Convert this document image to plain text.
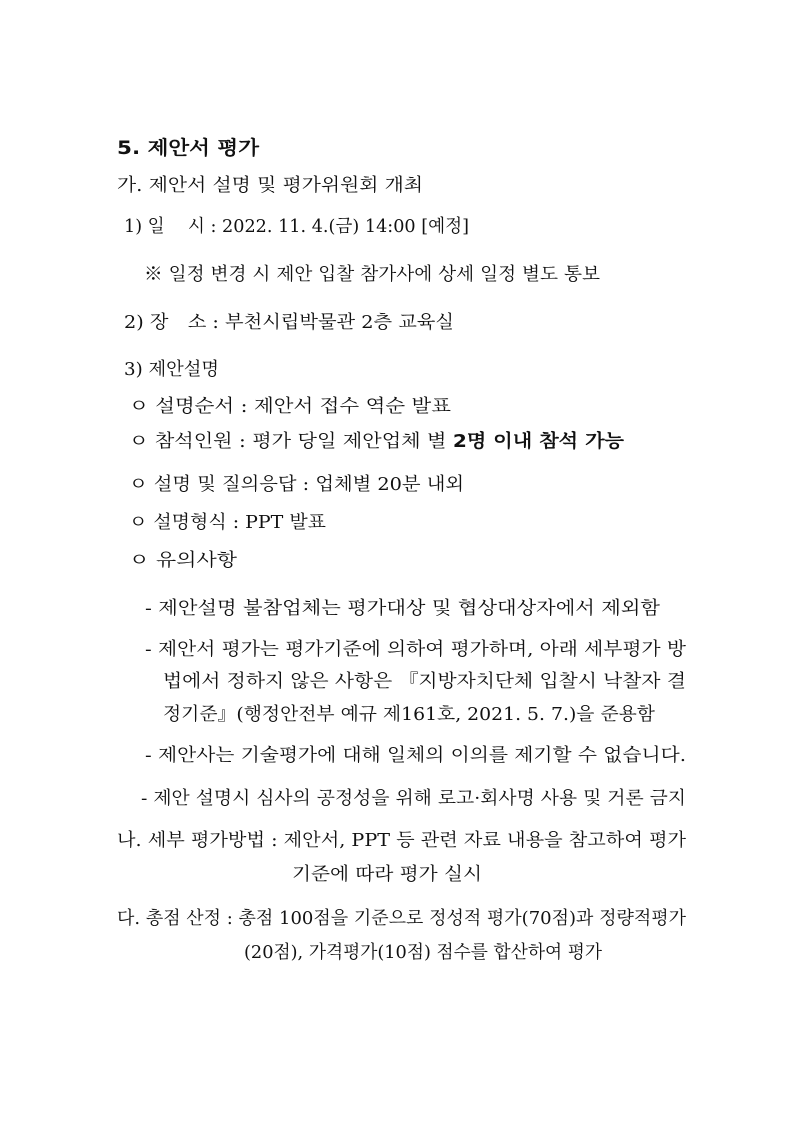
5. 제안서 평가
가. 제안서 설명 및 평가위원회 개최
1) 일　 시 : 2022. 11. 4.(금) 14:00 [예정]
※ 일정 변경 시 제안 입찰 참가사에 상세 일정 별도 통보
2) 장　소 : 부천시립박물관 2층 교육실
3) 제안설명
ㅇ 설명순서 : 제안서 접수 역순 발표
ㅇ 참석인원 : 평가 당일 제안업체 별 2명 이내 참석 가능
ㅇ 설명 및 질의응답 : 업체별 20분 내외
ㅇ 설명형식 : PPT 발표
ㅇ 유의사항
- 제안설명 불참업체는 평가대상 및 협상대상자에서 제외함
- 제안서 평가는 평가기준에 의하여 평가하며, 아래 세부평가 방
법에서 정하지 않은 사항은 『지방자치단체 입찰시 낙찰자 결
정기준』(행정안전부 예규 제161호, 2021. 5. 7.)을 준용함
- 제안사는 기술평가에 대해 일체의 이의를 제기할 수 없습니다.
- 제안 설명시 심사의 공정성을 위해 로고·회사명 사용 및 거론 금지
나. 세부 평가방법 : 제안서, PPT 등 관련 자료 내용을 참고하여 평가
기준에 따라 평가 실시
다. 총점 산정 : 총점 100점을 기준으로 정성적 평가(70점)과 정량적평가
(20점), 가격평가(10점) 점수를 합산하여 평가
